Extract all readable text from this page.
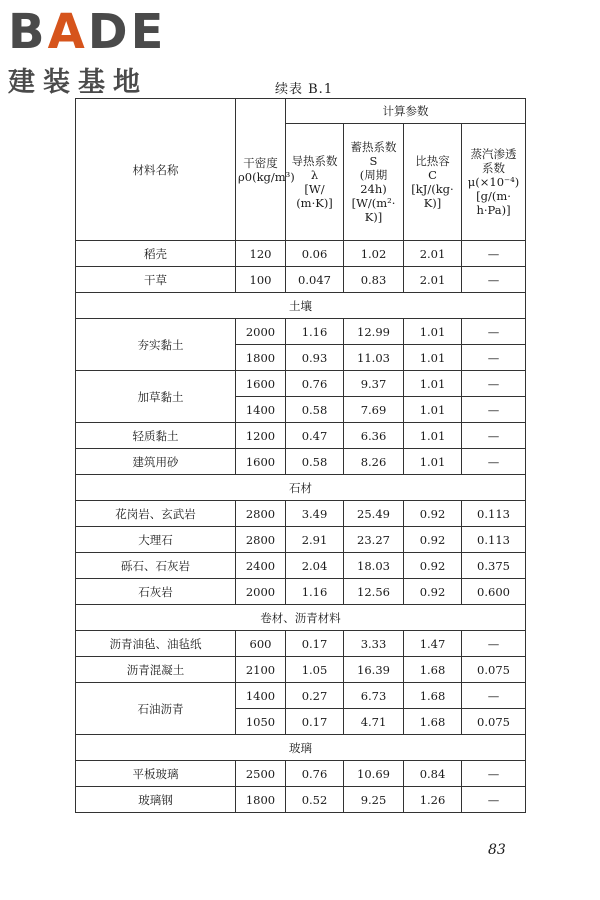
BADE
建装基地	续表 B.1
材料名称	干密度ρ0(kg/m³)	计算参数			

		导热系数
λ
[W/
(m·K)]	蓄热系数
S
(周期 24h)
[W/(m²·
K)]	比热容
C
[kJ/(kg·
K)]	蒸汽渗透
系数
μ(×10⁻⁴)
[g/(m·
h·Pa)]

稻壳	120	0.06	1.02	2.01	—
干草	100	0.047	0.83	2.01	—
土壤					
夯实黏土	2000	1.16	12.99	1.01	—
	1800	0.93	11.03	1.01	—
加草黏土	1600	0.76	9.37	1.01	—
	1400	0.58	7.69	1.01	—
轻质黏土	1200	0.47	6.36	1.01	—
建筑用砂	1600	0.58	8.26	1.01	—
石材					
花岗岩、玄武岩	2800	3.49	25.49	0.92	0.113
大理石	2800	2.91	23.27	0.92	0.113
砾石、石灰岩	2400	2.04	18.03	0.92	0.375
石灰岩	2000	1.16	12.56	0.92	0.600
卷材、沥青材料					
沥青油毡、油毡纸	600	0.17	3.33	1.47	—
沥青混凝土	2100	1.05	16.39	1.68	0.075
石油沥青	1400	0.27	6.73	1.68	—
	1050	0.17	4.71	1.68	0.075
玻璃					
平板玻璃	2500	0.76	10.69	0.84	—
玻璃钢	1800	0.52	9.25	1.26	—
83
